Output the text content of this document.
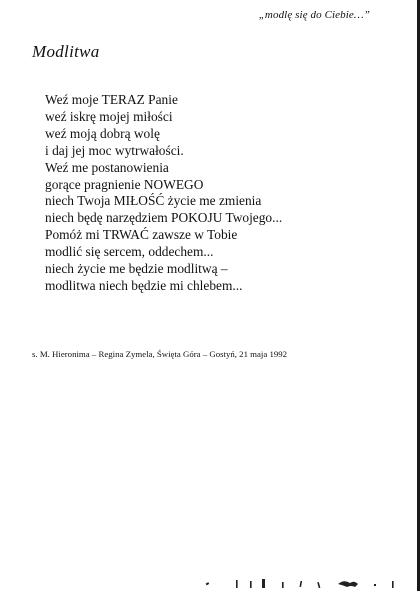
„modlę się do Ciebie…”
Modlitwa
Weź moje TERAZ Panie
weź iskrę mojej miłości
weź moją dobrą wolę
i daj jej moc wytrwałości.
Weź me postanowienia
gorące pragnienie NOWEGO
niech Twoja MIŁOŚĆ życie me zmienia
niech będę narzędziem POKOJU Twojego...
Pomóż mi TRWAĆ zawsze w Tobie
modlić się sercem, oddechem...
niech życie me będzie modlitwą –
modlitwa niech będzie mi chlebem...
s. M. Hieronima – Regina Zymela, Święta Góra – Gostyń, 21 maja 1992
